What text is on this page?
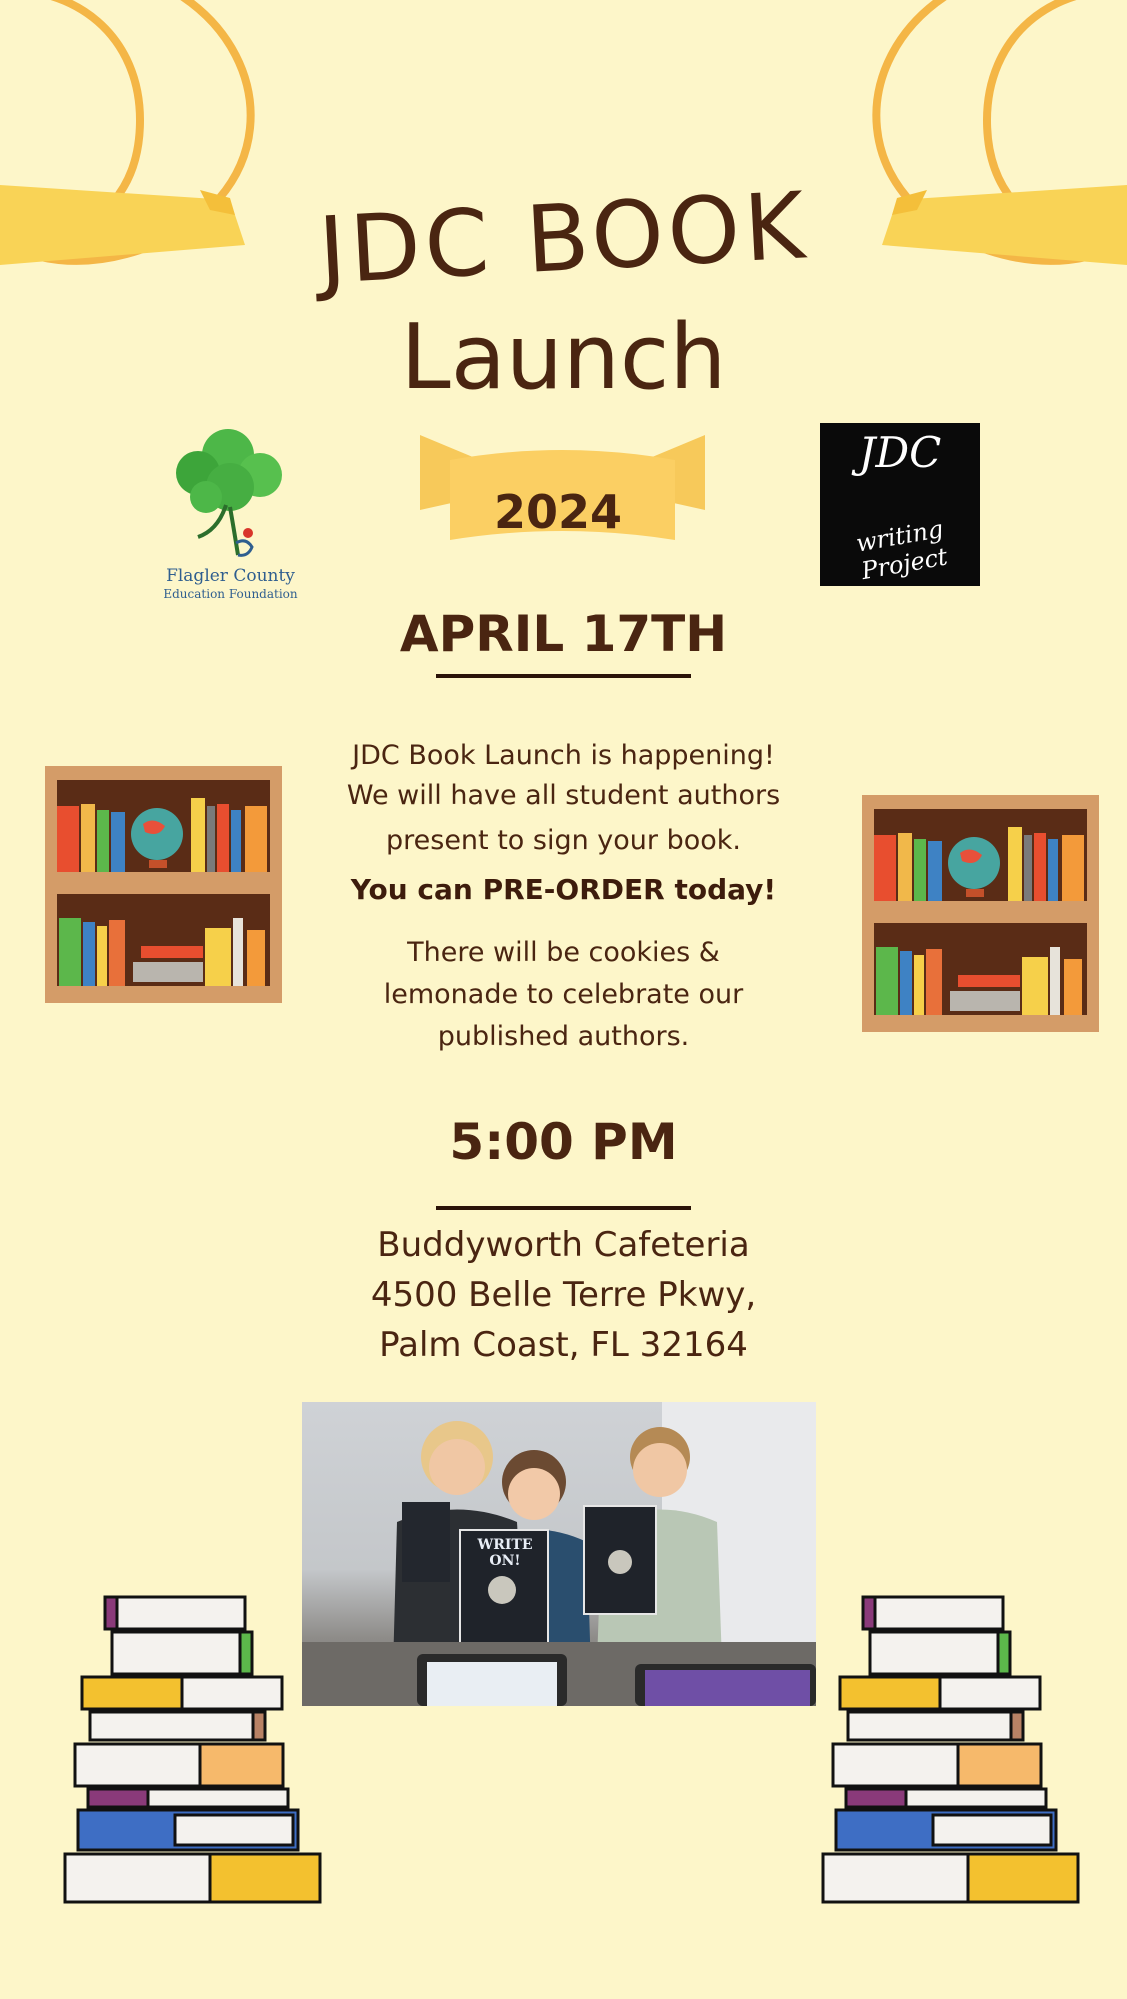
JDC BOOK
Launch
2024
Flagler County
Education Foundation
JDC
writing Project
APRIL 17TH
JDC Book Launch is happening!
We will have all student authors
present to sign your book.
You can PRE-ORDER today!
There will be cookies &
lemonade to celebrate our
published authors.
5:00 PM
Buddyworth Cafeteria
4500 Belle Terre Pkwy,
Palm Coast, FL 32164
WRITE ON!
